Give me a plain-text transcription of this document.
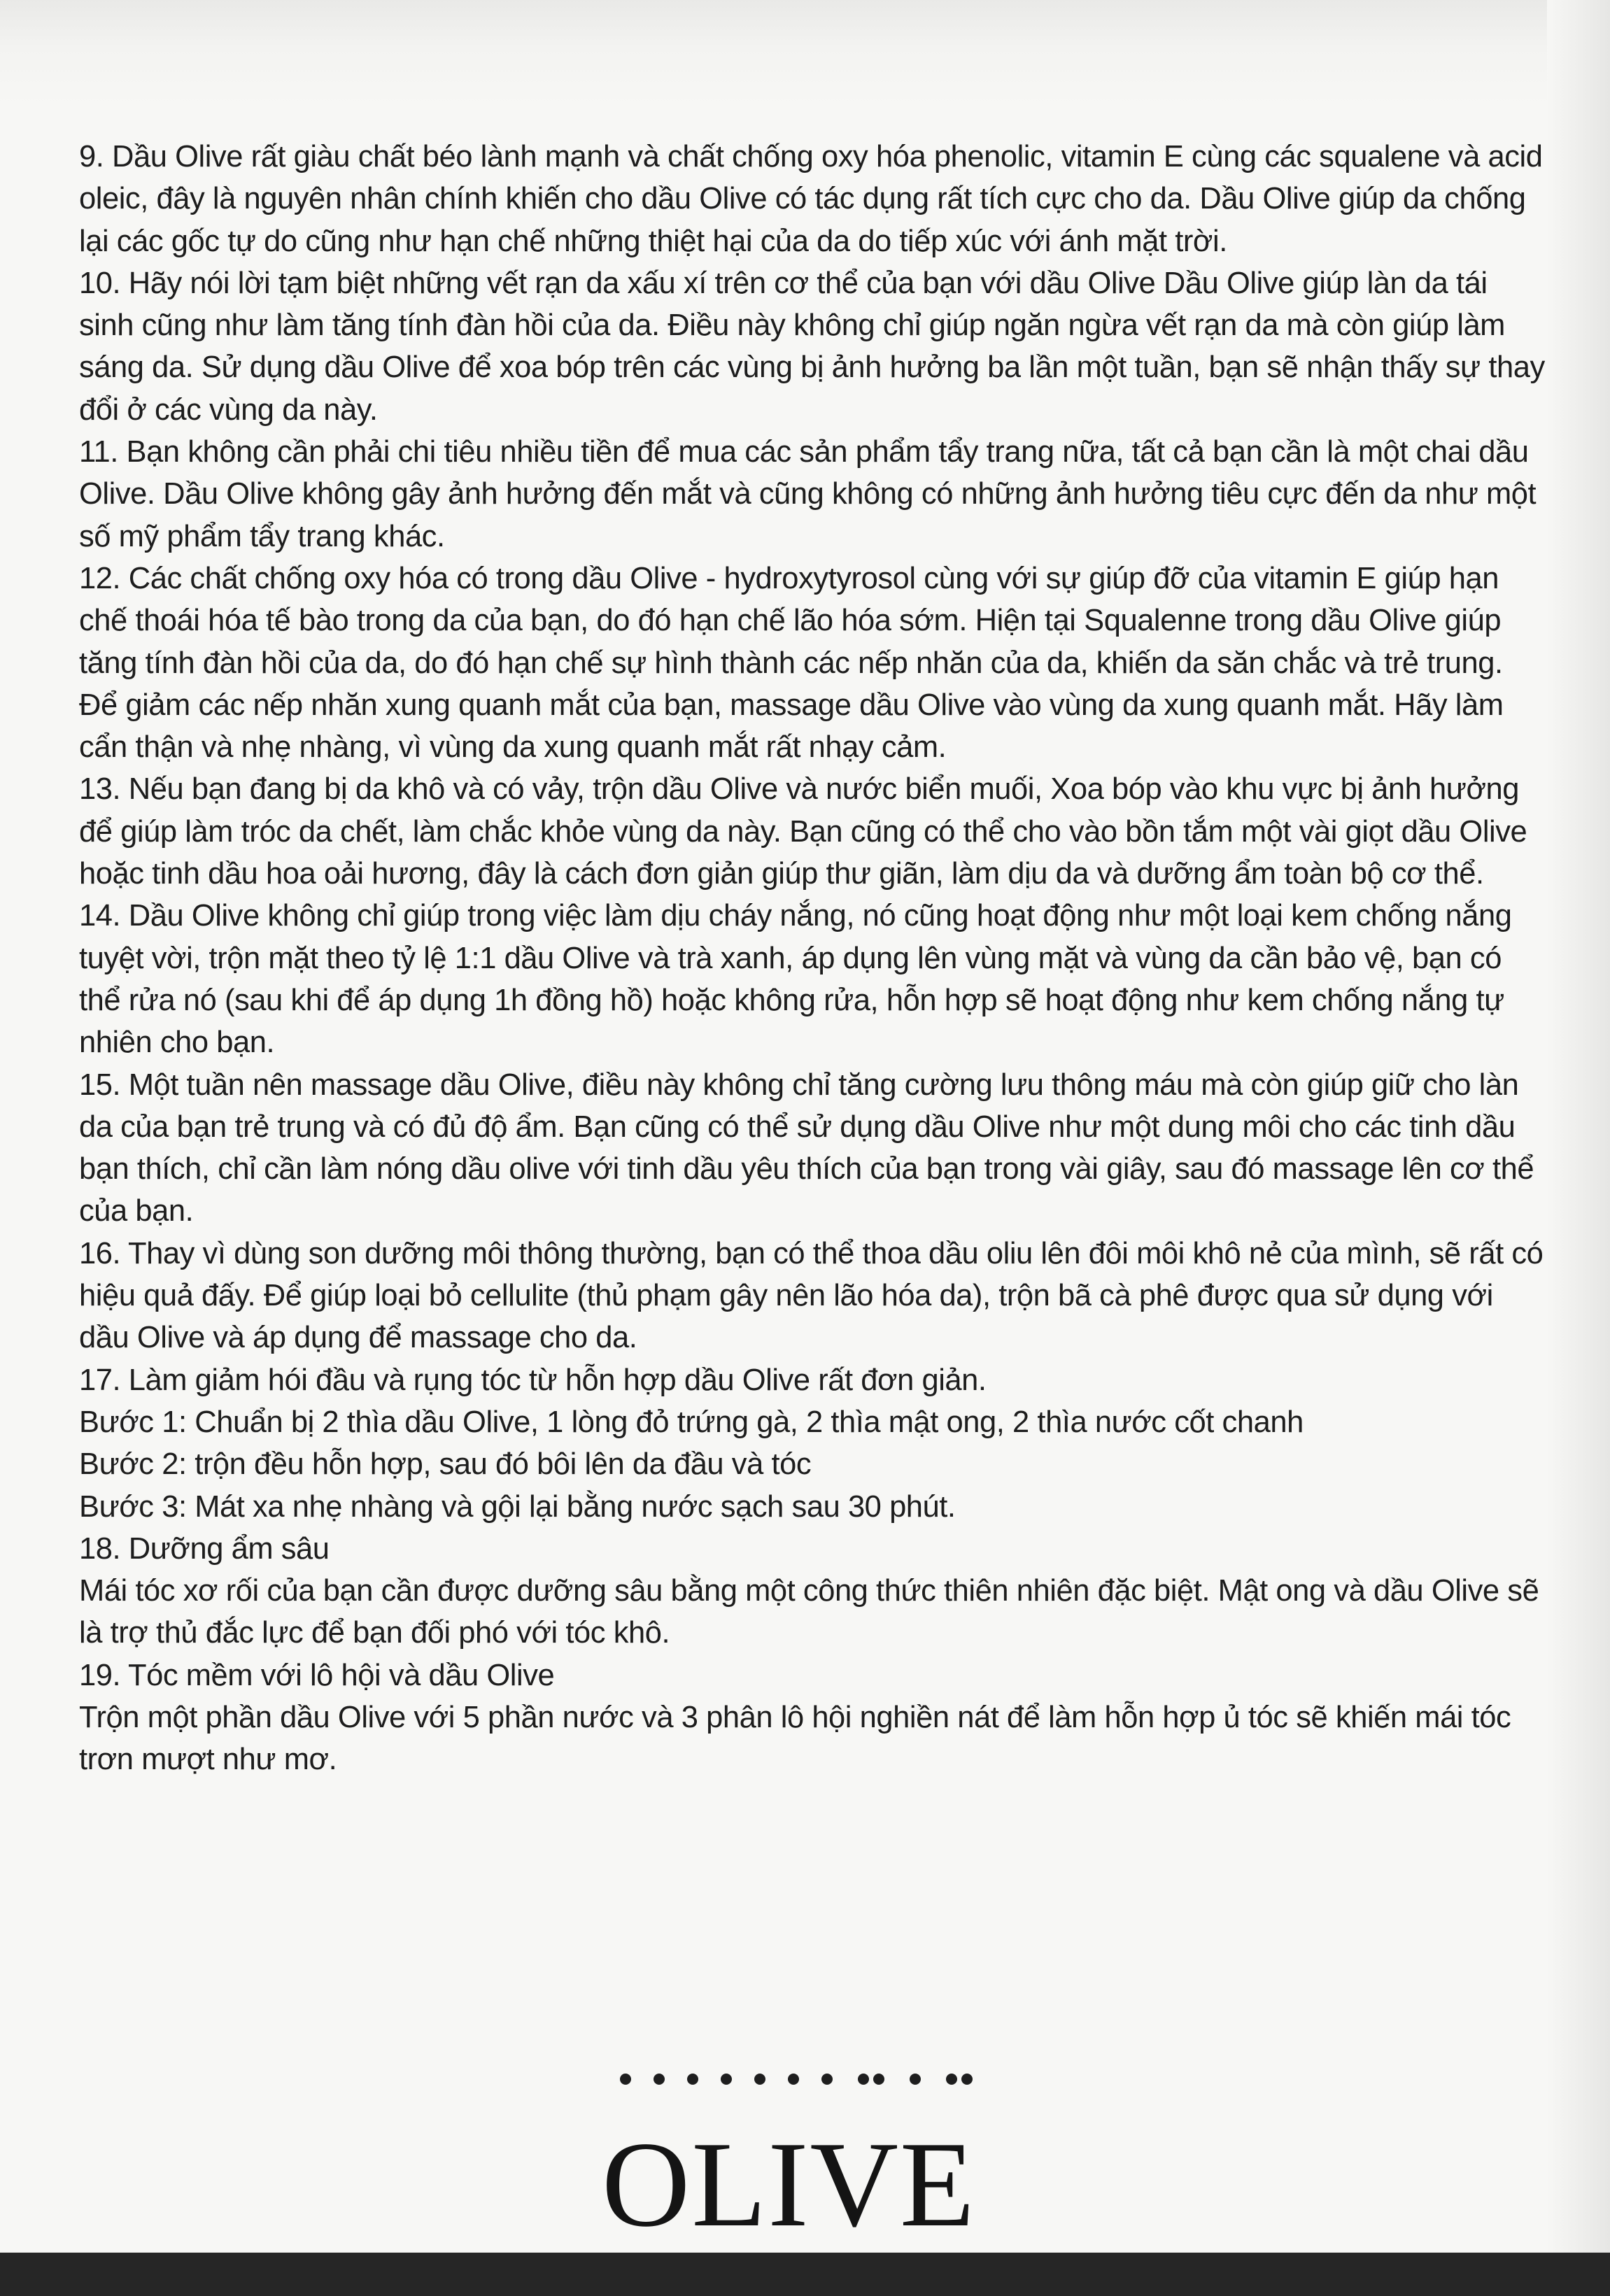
9. Dầu Olive rất giàu chất béo lành mạnh và chất chống oxy hóa phenolic, vitamin E cùng các squalene và acid oleic, đây là nguyên nhân chính khiến cho dầu Olive có tác dụng rất tích cực cho da. Dầu Olive giúp da chống lại các gốc tự do cũng như hạn chế những thiệt hại của da do tiếp xúc với ánh mặt trời.

10. Hãy nói lời tạm biệt những vết rạn da xấu xí trên cơ thể của bạn với dầu Olive Dầu Olive giúp làn da tái sinh cũng như làm tăng tính đàn hồi của da. Điều này không chỉ giúp ngăn ngừa vết rạn da mà còn giúp làm sáng da. Sử dụng dầu Olive để xoa bóp trên các vùng bị ảnh hưởng ba lần một tuần, bạn sẽ nhận thấy sự thay đổi ở các vùng da này.

11. Bạn không cần phải chi tiêu nhiều tiền để mua các sản phẩm tẩy trang nữa, tất cả bạn cần là một chai dầu Olive. Dầu Olive không gây ảnh hưởng đến mắt và cũng không có những ảnh hưởng tiêu cực đến da như một số mỹ phẩm tẩy trang khác.

12. Các chất chống oxy hóa có trong dầu Olive - hydroxytyrosol cùng với sự giúp đỡ của vitamin E giúp hạn chế thoái hóa tế bào trong da của bạn, do đó hạn chế lão hóa sớm. Hiện tại Squalenne trong dầu Olive giúp tăng tính đàn hồi của da, do đó hạn chế sự hình thành các nếp nhăn của da, khiến da săn chắc và trẻ trung. Để giảm các nếp nhăn xung quanh mắt của bạn, massage dầu Olive vào vùng da xung quanh mắt. Hãy làm cẩn thận và nhẹ nhàng, vì vùng da xung quanh mắt rất nhạy cảm.

13. Nếu bạn đang bị da khô và có vảy, trộn dầu Olive và nước biển muối, Xoa bóp vào khu vực bị ảnh hưởng để giúp làm tróc da chết, làm chắc khỏe vùng da này. Bạn cũng có thể cho vào bồn tắm một vài giọt dầu Olive hoặc tinh dầu hoa oải hương, đây là cách đơn giản giúp thư giãn, làm dịu da và dưỡng ẩm toàn bộ cơ thể.

14. Dầu Olive không chỉ giúp trong việc làm dịu cháy nắng, nó cũng hoạt động như một loại kem chống nắng tuyệt vời, trộn mặt theo tỷ lệ 1:1 dầu Olive và trà xanh, áp dụng lên vùng mặt và vùng da cần bảo vệ, bạn có thể rửa nó (sau khi để áp dụng 1h đồng hồ) hoặc không rửa, hỗn hợp sẽ hoạt động như kem chống nắng tự nhiên cho bạn.

15. Một tuần nên massage dầu Olive, điều này không chỉ tăng cường lưu thông máu mà còn giúp giữ cho làn da của bạn trẻ trung và có đủ độ ẩm. Bạn cũng có thể sử dụng dầu Olive như một dung môi cho các tinh dầu bạn thích, chỉ cần làm nóng dầu olive với tinh dầu yêu thích của bạn trong vài giây, sau đó massage lên cơ thể của bạn.

16. Thay vì dùng son dưỡng môi thông thường, bạn có thể thoa dầu oliu lên đôi môi khô nẻ của mình, sẽ rất có hiệu quả đấy. Để giúp loại bỏ cellulite (thủ phạm gây nên lão hóa da), trộn bã cà phê được qua sử dụng với dầu Olive và áp dụng để massage cho da.

17. Làm giảm hói đầu và rụng tóc từ hỗn hợp dầu Olive rất đơn giản.

Bước 1: Chuẩn bị 2 thìa dầu Olive, 1 lòng đỏ trứng gà, 2 thìa mật ong, 2 thìa nước cốt chanh

Bước 2: trộn đều hỗn hợp, sau đó bôi lên da đầu và tóc

Bước 3: Mát xa nhẹ nhàng và gội lại bằng nước sạch sau 30 phút.

18. Dưỡng ẩm sâu

Mái tóc xơ rối của bạn cần được dưỡng sâu bằng một công thức thiên nhiên đặc biệt. Mật ong và dầu Olive sẽ là trợ thủ đắc lực để bạn đối phó với tóc khô.

19. Tóc mềm với lô hội và dầu Olive

Trộn một phần dầu Olive với 5 phần nước và 3 phân lô hội nghiền nát để làm hỗn hợp ủ tóc sẽ khiến mái tóc trơn mượt như mơ.

OLIVE
